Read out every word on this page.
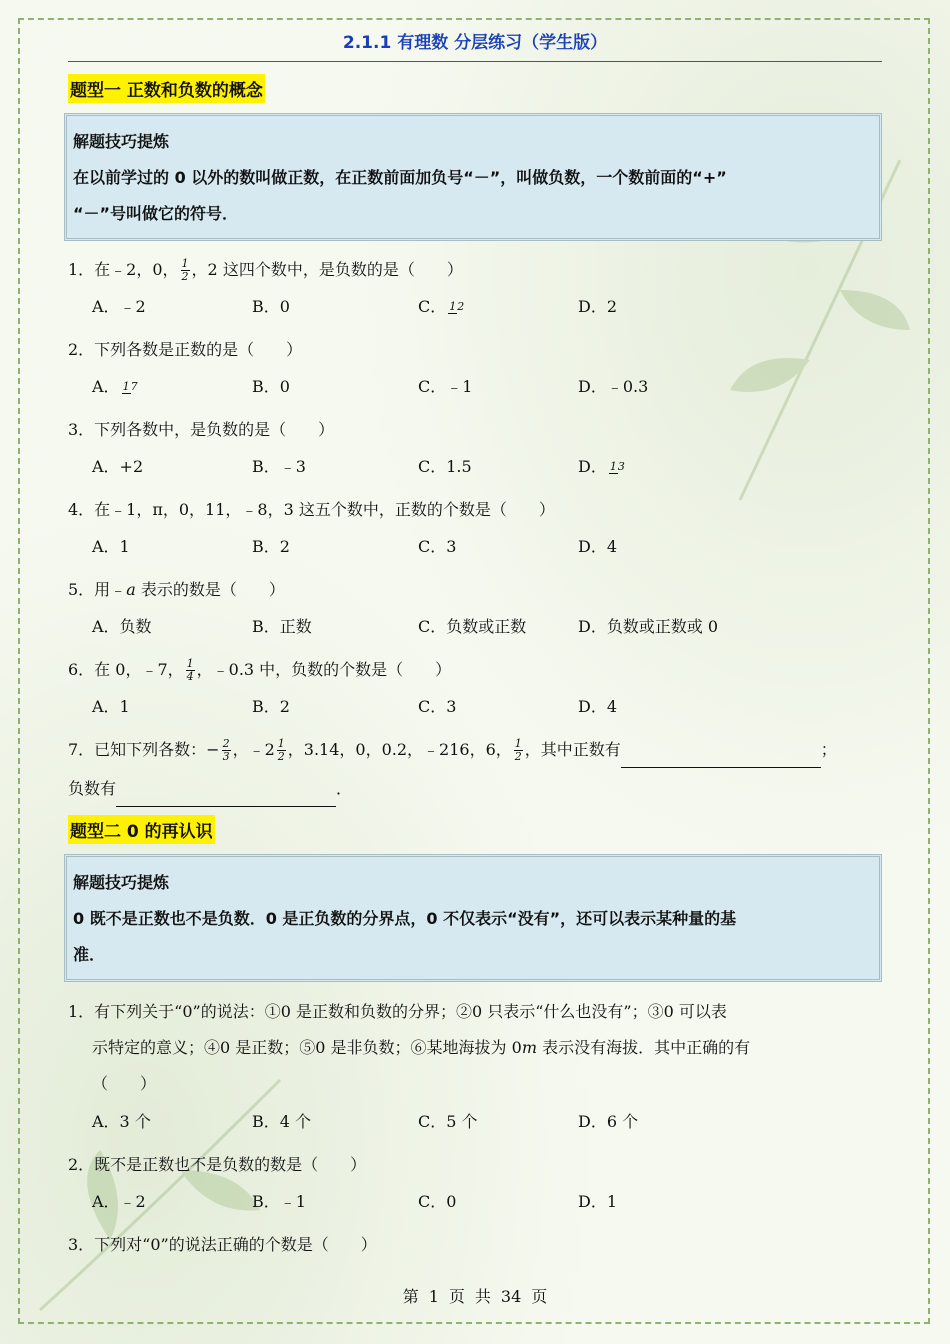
2.1.1 有理数 分层练习（学生版）
题型一 正数和负数的概念
解题技巧提炼
在以前学过的 0 以外的数叫做正数，在正数前面加负号“－”，叫做负数，一个数前面的“+”
“－”号叫做它的符号．
1．在﹣2，0， $\frac{1}{2}$ ，2 这四个数中，是负数的是（　　）
A．﹣2	B．0	C． 12	D．2
2．下列各数是正数的是（　　）
A． 17	B．0	C．﹣1	D．﹣0.3
3．下列各数中，是负数的是（　　）
A．+2	B．﹣3	C．1.5	D． 13
4．在﹣1，π，0，11，﹣8，3 这五个数中，正数的个数是（　　）
A．1	B．2	C．3	D．4
5．用﹣a 表示的数是（　　）
A．负数	B．正数	C．负数或正数	D．负数或正数或 0
6．在 0，﹣7， $\frac{1}{4}$ ，﹣0.3 中，负数的个数是（　　）
A．1	B．2	C．3	D．4
7．已知下列各数：− $\frac{2}{3}$ ，﹣2 $\frac{1}{2}$ ，3.14，0，0.2，﹣216，6， $\frac{1}{2}$ ，其中正数有	；
负数有	．
题型二 0 的再认识
解题技巧提炼
0 既不是正数也不是负数．0 是正负数的分界点，0 不仅表示“没有”，还可以表示某种量的基
准．
1．有下列关于“0”的说法：①0 是正数和负数的分界；②0 只表示“什么也没有”；③0 可以表
示特定的意义；④0 是正数；⑤0 是非负数；⑥某地海拔为 0m 表示没有海拔．其中正确的有
（　　）
A．3 个	B．4 个	C．5 个	D．6 个
2．既不是正数也不是负数的数是（　　）
A．﹣2	B．﹣1	C．0	D．1
3．下列对“0”的说法正确的个数是（　　）
第 1 页 共 34 页
